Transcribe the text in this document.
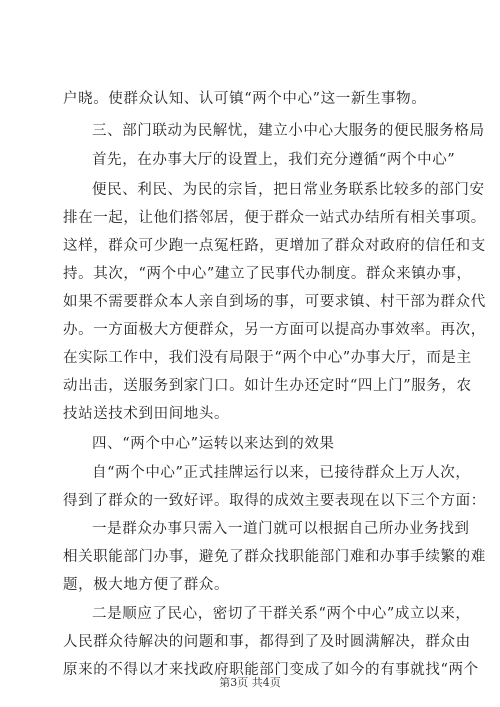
户晓。使群众认知、认可镇“两个中心”这一新生事物。
三、部门联动为民解忧，建立小中心大服务的便民服务格局
首先，在办事大厅的设置上，我们充分遵循“两个中心”
便民、利民、为民的宗旨，把日常业务联系比较多的部门安
排在一起，让他们搭邻居，便于群众一站式办结所有相关事项。
这样，群众可少跑一点冤枉路，更增加了群众对政府的信任和支
持。其次，“两个中心”建立了民事代办制度。群众来镇办事，
如果不需要群众本人亲自到场的事，可要求镇、村干部为群众代
办。一方面极大方便群众，另一方面可以提高办事效率。再次，
在实际工作中，我们没有局限于“两个中心”办事大厅，而是主
动出击，送服务到家门口。如计生办还定时“四上门”服务，农
技站送技术到田间地头。
四、“两个中心”运转以来达到的效果
自“两个中心”正式挂牌运行以来，已接待群众上万人次，
得到了群众的一致好评。取得的成效主要表现在以下三个方面：
一是群众办事只需入一道门就可以根据自己所办业务找到
相关职能部门办事，避免了群众找职能部门难和办事手续繁的难
题，极大地方便了群众。
二是顺应了民心，密切了干群关系“两个中心”成立以来，
人民群众待解决的问题和事，都得到了及时圆满解决，群众由
原来的不得以才来找政府职能部门变成了如今的有事就找“两个
第3页 共4页
